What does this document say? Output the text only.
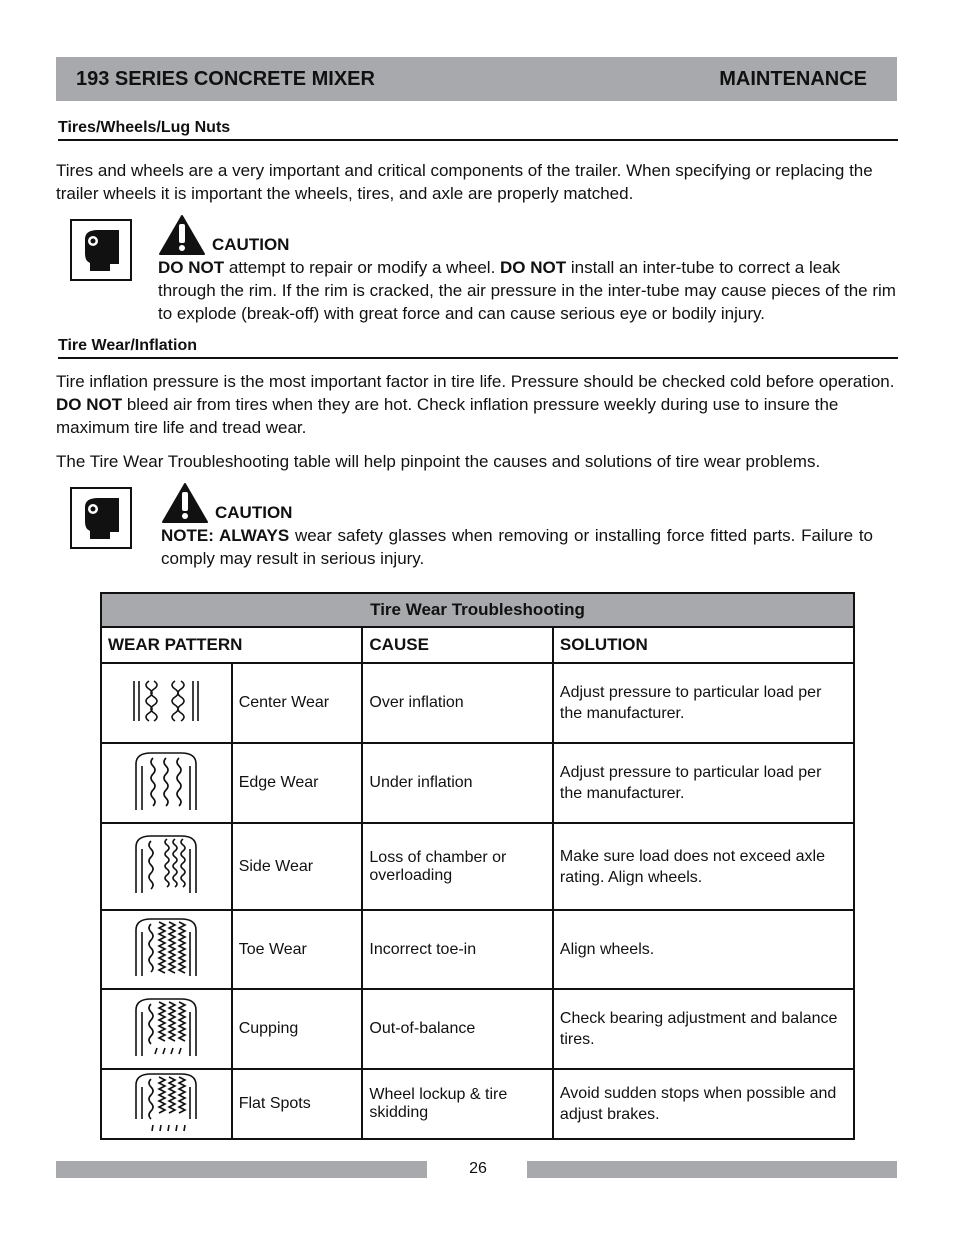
193 SERIES CONCRETE MIXER	MAINTENANCE
Tires/Wheels/Lug Nuts
Tires and wheels are a very important and critical components of the trailer. When specifying or replacing the trailer wheels it is important the wheels, tires, and axle are properly matched.
CAUTION
DO NOT attempt to repair or modify a wheel. DO NOT install an inter-tube to correct a leak through the rim. If the rim is cracked, the air pressure in the inter-tube may cause pieces of the rim to explode (break-off) with great force and can cause serious eye or bodily injury.
Tire Wear/Inflation
Tire inflation pressure is the most important factor in tire life. Pressure should be checked cold before operation. DO NOT bleed air from tires when they are hot. Check inflation pressure weekly during use to insure the maximum tire life and tread wear.
The Tire Wear Troubleshooting table will help pinpoint the causes and solutions of tire wear problems.
CAUTION
NOTE: ALWAYS wear safety glasses when removing or installing force fitted parts. Failure to comply may result in serious injury.
Tire Wear Troubleshooting			
WEAR PATTERN		CAUSE	SOLUTION
	Center Wear	Over inflation	Adjust pressure to particular load per the manufacturer.
	Edge Wear	Under inflation	Adjust pressure to particular load per the manufacturer.
	Side Wear	Loss of chamber or overloading	Make sure load does not exceed axle rating. Align wheels.
	Toe Wear	Incorrect toe-in	Align wheels.
	Cupping	Out-of-balance	Check bearing adjustment and balance tires.
	Flat Spots	Wheel lockup & tire skidding	Avoid sudden stops when possible and adjust brakes.
26
